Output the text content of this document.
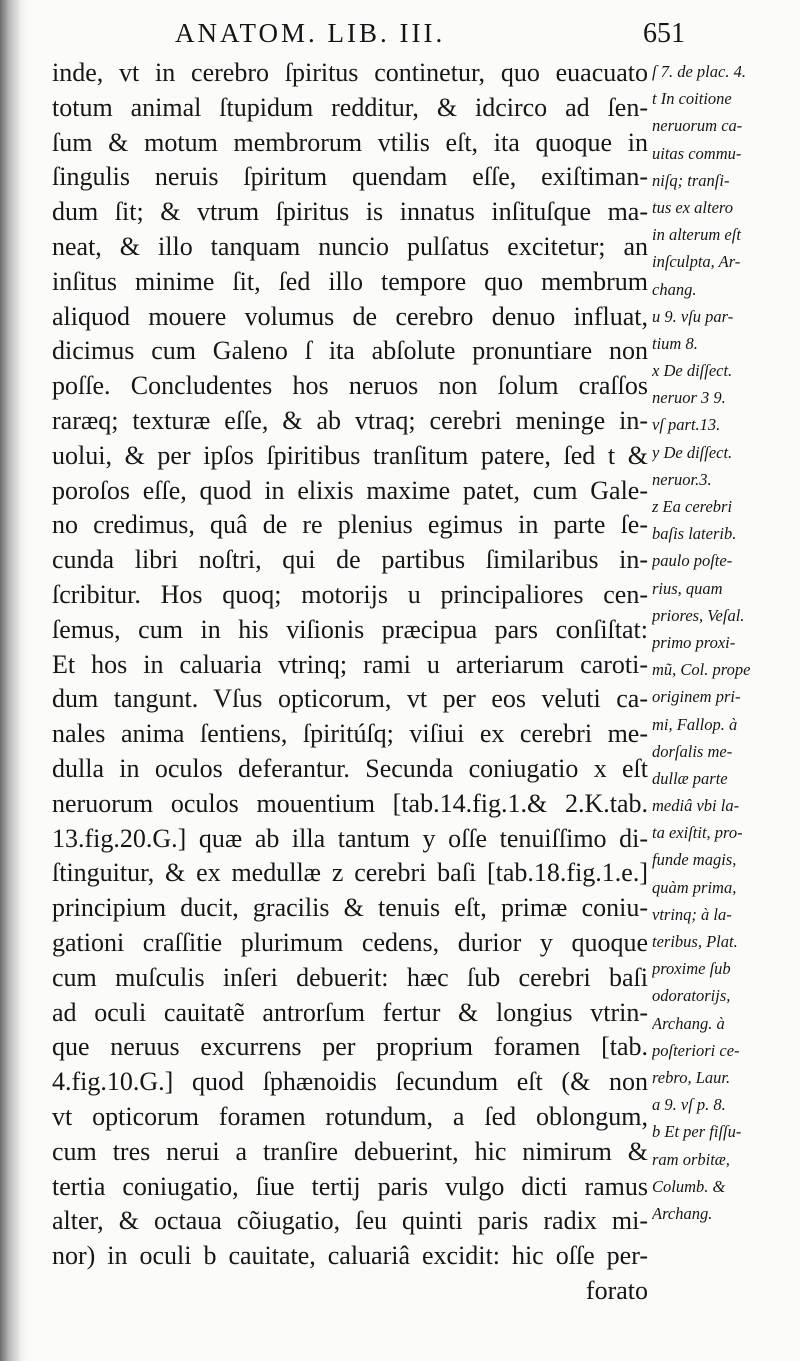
ANATOM. LIB. III.	651
inde, vt in cerebro ſpiritus continetur, quo euacuato
totum animal ſtupidum redditur, & idcirco ad ſen-
ſum & motum membrorum vtilis eſt, ita quoque in
ſingulis neruis ſpiritum quendam eſſe, exiſtiman-
dum ſit; & vtrum ſpiritus is innatus inſituſque ma-
neat, & illo tanquam nuncio pulſatus excitetur; an
inſitus minime ſit, ſed illo tempore quo membrum
aliquod mouere volumus de cerebro denuo influat,
dicimus cum Galeno ſ ita abſolute pronuntiare non
poſſe. Concludentes hos neruos non ſolum craſſos
raræq; texturæ eſſe, & ab vtraq; cerebri meninge in-
uolui, & per ipſos ſpiritibus tranſitum patere, ſed t &
poroſos eſſe, quod in elixis maxime patet, cum Gale-
no credimus, quâ de re plenius egimus in parte ſe-
cunda libri noſtri, qui de partibus ſimilaribus in-
ſcribitur. Hos quoq; motorijs u principaliores cen-
ſemus, cum in his viſionis præcipua pars conſiſtat:
Et hos in caluaria vtrinq; rami u arteriarum caroti-
dum tangunt. Vſus opticorum, vt per eos veluti ca-
nales anima ſentiens, ſpiritúſq; viſiui ex cerebri me-
dulla in oculos deferantur. Secunda coniugatio x eſt
neruorum oculos mouentium [tab.14.fig.1.& 2.K.tab.
13.fig.20.G.] quæ ab illa tantum y oſſe tenuiſſimo di-
ſtinguitur, & ex medullæ z cerebri baſi [tab.18.fig.1.e.]
principium ducit, gracilis & tenuis eſt, primæ coniu-
gationi craſſitie plurimum cedens, durior y quoque
cum muſculis inſeri debuerit: hæc ſub cerebri baſi
ad oculi cauitatẽ antrorſum fertur & longius vtrin-
que neruus excurrens per proprium foramen [tab.
4.fig.10.G.] quod ſphænoidis ſecundum eſt (& non
vt opticorum foramen rotundum, a ſed oblongum,
cum tres nerui a tranſire debuerint, hic nimirum &
tertia coniugatio, ſiue tertij paris vulgo dicti ramus
alter, & octaua cõiugatio, ſeu quinti paris radix mi-
nor) in oculi b cauitate, caluariâ excidit: hic oſſe per-
forato
ſ 7. de plac. 4.
t In coitione
neruorum ca-
uitas commu-
niſq; tranſi-
tus ex altero
in alterum eſt
inſculpta, Ar-
chang.
u 9. vſu par-
tium 8.
x De diſſect.
neruor 3 9.
vſ part.13.
y De diſſect.
neruor.3.
z Ea cerebri
baſis laterib.
paulo poſte-
rius, quam
priores, Veſal.
primo proxi-
mũ, Col. prope
originem pri-
mi, Fallop. à
dorſalis me-
dullæ parte
mediâ vbi la-
ta exiſtit, pro-
funde magis,
quàm prima,
vtrinq; à la-
teribus, Plat.
proxime ſub
odoratorijs,
Archang. à
poſteriori ce-
rebro, Laur.
a 9. vſ p. 8.
b Et per fiſſu-
ram orbitæ,
Columb. &
Archang.
